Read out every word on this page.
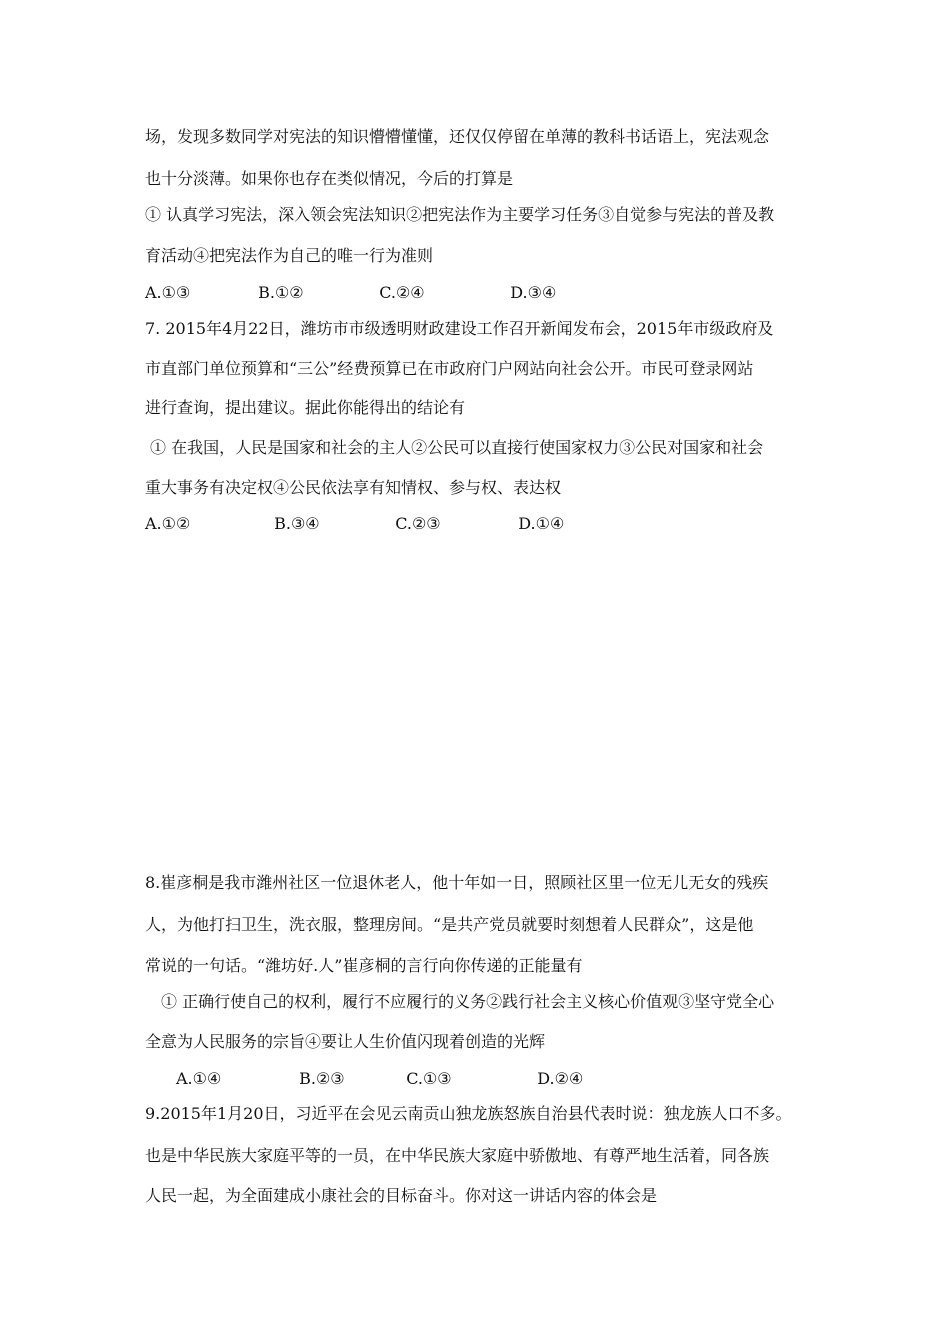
场，发现多数同学对宪法的知识懵懵懂懂，还仅仅停留在单薄的教科书话语上，宪法观念
也十分淡薄。如果你也存在类似情况，今后的打算是
① 认真学习宪法，深入领会宪法知识②把宪法作为主要学习任务③自觉参与宪法的普及教
育活动④把宪法作为自己的唯一行为准则
A.①③	B.①②	C.②④	D.③④
7. 2015年4月22日，潍坊市市级透明财政建设工作召开新闻发布会，2015年市级政府及
市直部门单位预算和“三公”经费预算已在市政府门户网站向社会公开。市民可登录网站
进行查询，提出建议。据此你能得出的结论有
① 在我国，人民是国家和社会的主人②公民可以直接行使国家权力③公民对国家和社会
重大事务有决定权④公民依法享有知情权、参与权、表达权
A.①②	B.③④	C.②③	D.①④
8.崔彦桐是我市潍州社区一位退休老人，他十年如一日，照顾社区里一位无儿无女的残疾
人，为他打扫卫生，洗衣服，整理房间。“是共产党员就要时刻想着人民群众”，这是他
常说的一句话。“潍坊好.人”崔彦桐的言行向你传递的正能量有
① 正确行使自己的权利，履行不应履行的义务②践行社会主义核心价值观③坚守党全心
全意为人民服务的宗旨④要让人生价值闪现着创造的光辉
A.①④	B.②③	C.①③	D.②④
9.2015年1月20日，习近平在会见云南贡山独龙族怒族自治县代表时说：独龙族人口不多。
也是中华民族大家庭平等的一员，在中华民族大家庭中骄傲地、有尊严地生活着，同各族
人民一起，为全面建成小康社会的目标奋斗。你对这一讲话内容的体会是
